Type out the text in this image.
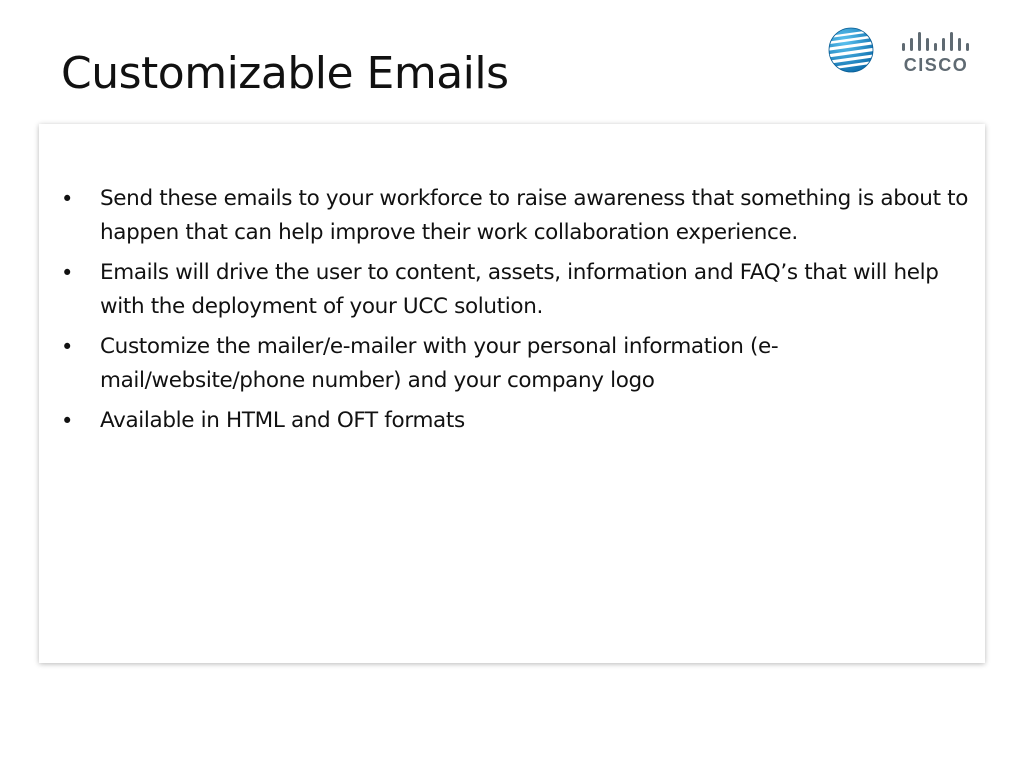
Customizable Emails	CISCO
• Send these emails to your workforce to raise awareness that something is about to happen that can help improve their work collaboration experience.
• Emails will drive the user to content, assets, information and FAQ’s that will help with the deployment of your UCC solution.
• Customize the mailer/e-mailer with your personal information (e-mail/website/phone number) and your company logo
• Available in HTML and OFT formats
